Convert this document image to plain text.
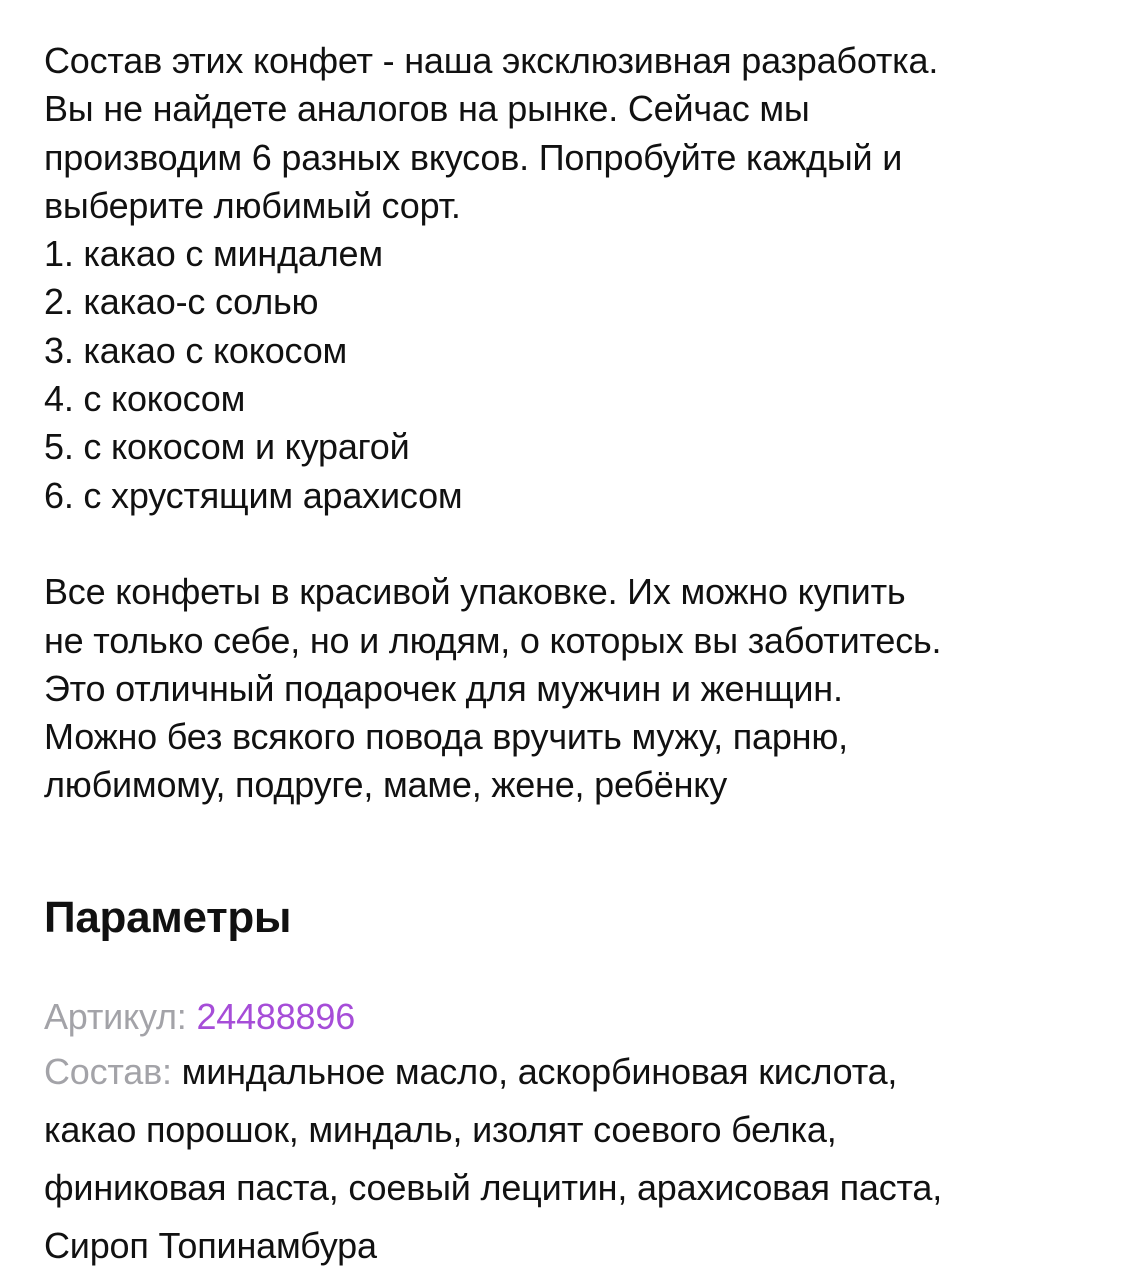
Состав этих конфет - наша эксклюзивная разработка.

Вы не найдете аналогов на рынке. Сейчас мы

производим 6 разных вкусов. Попробуйте каждый и

выберите любимый сорт.

1. какао с миндалем

2. какао-с солью

3. какао с кокосом

4. с кокосом

5. с кокосом и курагой

6. с хрустящим арахисом

Все конфеты в красивой упаковке. Их можно купить

не только себе, но и людям, о которых вы заботитесь.

Это отличный подарочек для мужчин и женщин.

Можно без всякого повода вручить мужу, парню,

любимому, подруге, маме, жене, ребёнку

Параметры

Артикул: 24488896

Состав: миндальное масло, аскорбиновая кислота,
какао порошок, миндаль, изолят соевого белка,
финиковая паста, соевый лецитин, арахисовая паста,
Сироп Топинамбура
